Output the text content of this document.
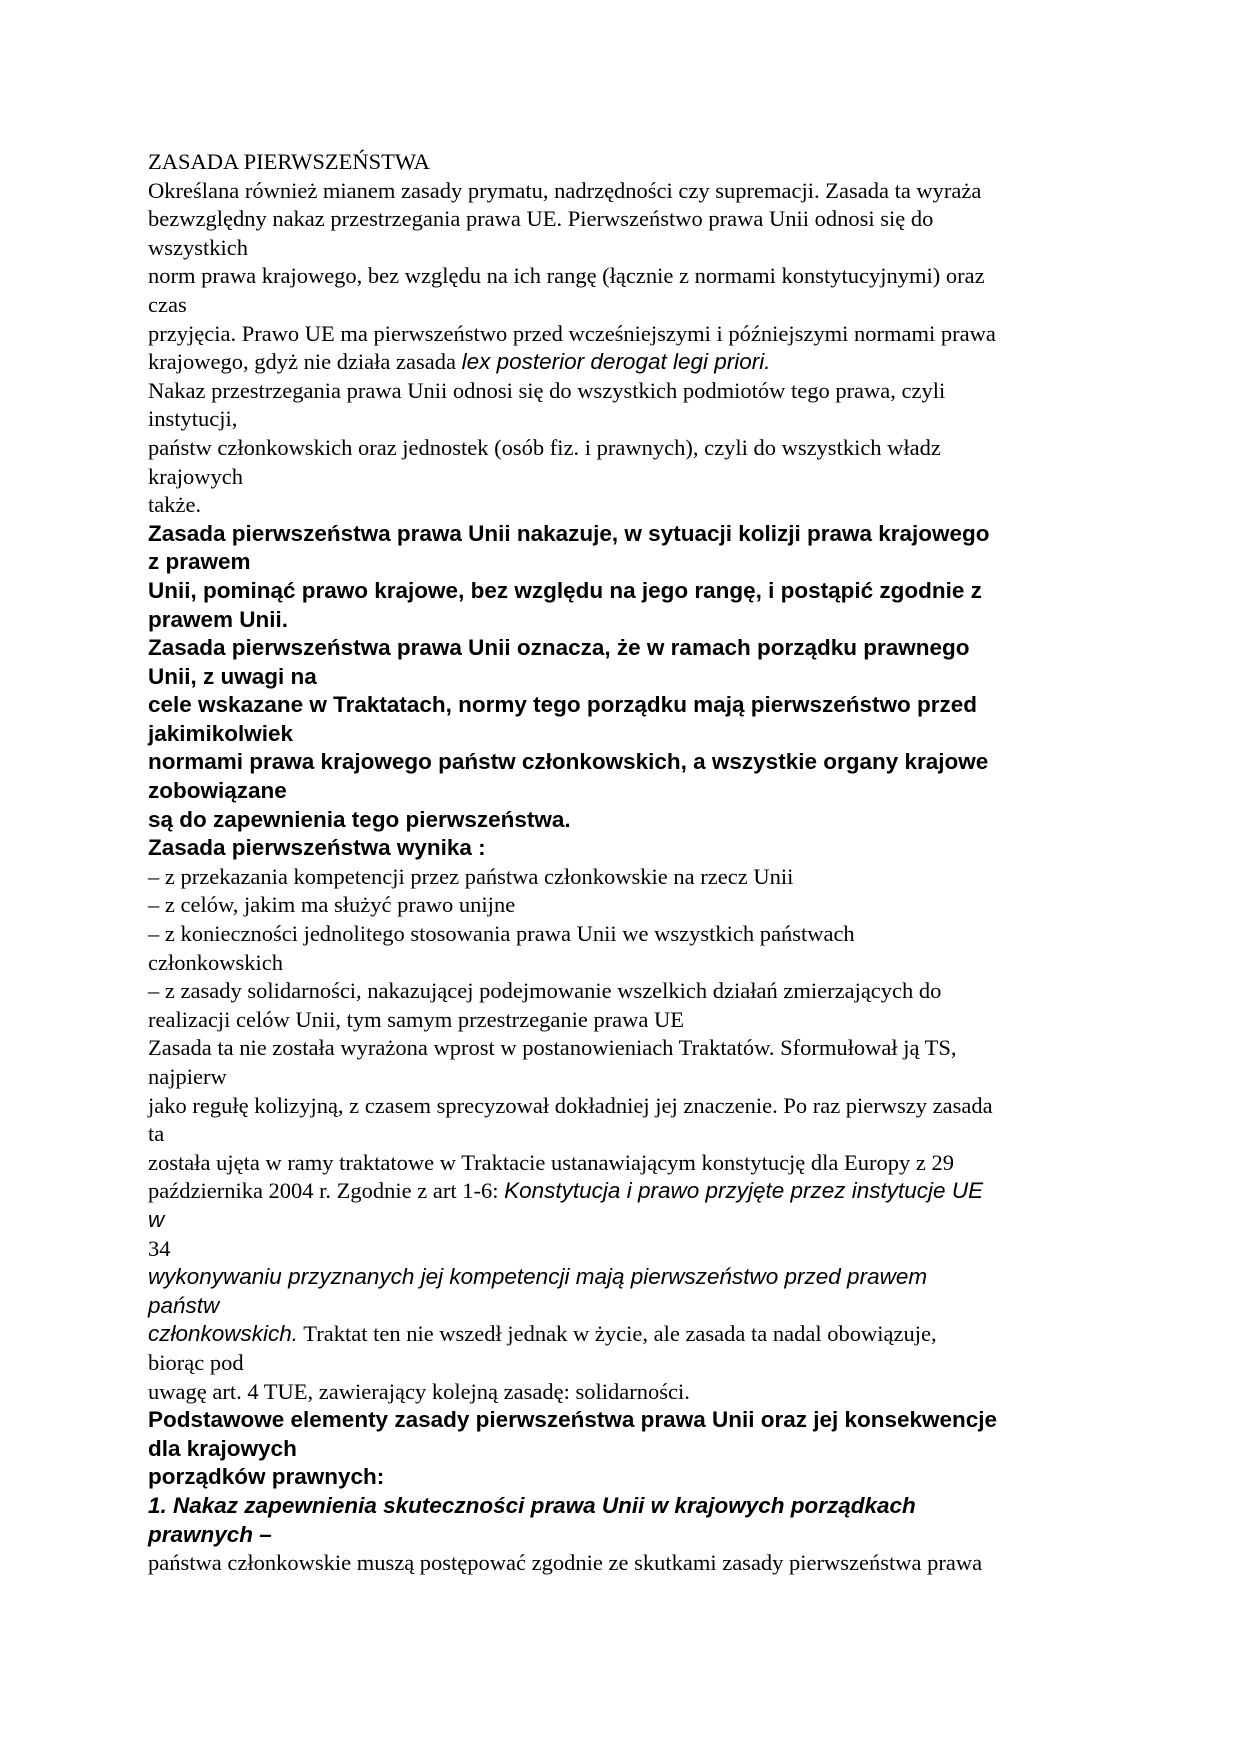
ZASADA PIERWSZEŃSTWA
Określana również mianem zasady prymatu, nadrzędności czy supremacji. Zasada ta wyraża
bezwzględny nakaz przestrzegania prawa UE. Pierwszeństwo prawa Unii odnosi się do
wszystkich
norm prawa krajowego, bez względu na ich rangę (łącznie z normami konstytucyjnymi) oraz
czas
przyjęcia. Prawo UE ma pierwszeństwo przed wcześniejszymi i późniejszymi normami prawa
krajowego, gdyż nie działa zasada lex posterior derogat legi priori.
Nakaz przestrzegania prawa Unii odnosi się do wszystkich podmiotów tego prawa, czyli
instytucji,
państw członkowskich oraz jednostek (osób fiz. i prawnych), czyli do wszystkich władz
krajowych
także.
Zasada pierwszeństwa prawa Unii nakazuje, w sytuacji kolizji prawa krajowego
z prawem
Unii, pominąć prawo krajowe, bez względu na jego rangę, i postąpić zgodnie z
prawem Unii.
Zasada pierwszeństwa prawa Unii oznacza, że w ramach porządku prawnego
Unii, z uwagi na
cele wskazane w Traktatach, normy tego porządku mają pierwszeństwo przed
jakimikolwiek
normami prawa krajowego państw członkowskich, a wszystkie organy krajowe
zobowiązane
są do zapewnienia tego pierwszeństwa.
Zasada pierwszeństwa wynika :
– z przekazania kompetencji przez państwa członkowskie na rzecz Unii
– z celów, jakim ma służyć prawo unijne
– z konieczności jednolitego stosowania prawa Unii we wszystkich państwach
członkowskich
– z zasady solidarności, nakazującej podejmowanie wszelkich działań zmierzających do
realizacji celów Unii, tym samym przestrzeganie prawa UE
Zasada ta nie została wyrażona wprost w postanowieniach Traktatów. Sformułował ją TS,
najpierw
jako regułę kolizyjną, z czasem sprecyzował dokładniej jej znaczenie. Po raz pierwszy zasada
ta
została ujęta w ramy traktatowe w Traktacie ustanawiającym konstytucję dla Europy z 29
października 2004 r. Zgodnie z art 1-6: Konstytucja i prawo przyjęte przez instytucje UE
w
34
wykonywaniu przyznanych jej kompetencji mają pierwszeństwo przed prawem
państw
członkowskich. Traktat ten nie wszedł jednak w życie, ale zasada ta nadal obowiązuje,
biorąc pod
uwagę art. 4 TUE, zawierający kolejną zasadę: solidarności.
Podstawowe elementy zasady pierwszeństwa prawa Unii oraz jej konsekwencje
dla krajowych
porządków prawnych:
1. Nakaz zapewnienia skuteczności prawa Unii w krajowych porządkach
prawnych –
państwa członkowskie muszą postępować zgodnie ze skutkami zasady pierwszeństwa prawa
